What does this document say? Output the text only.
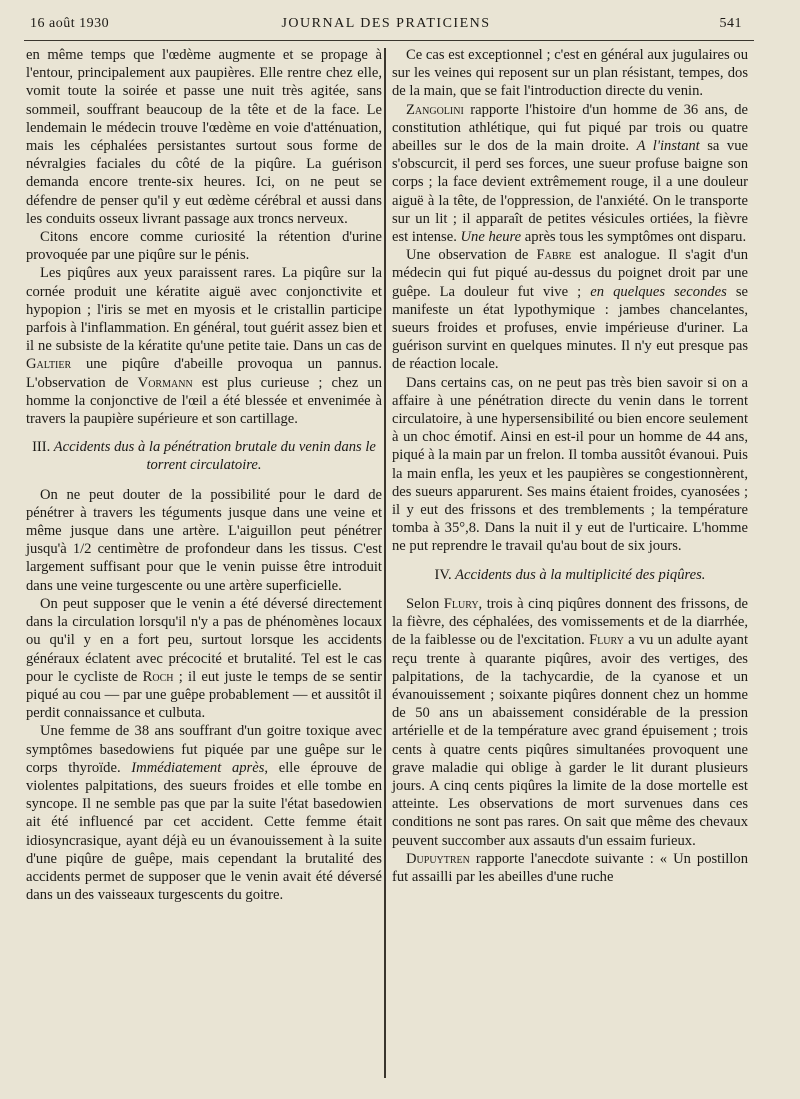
16 août 1930	JOURNAL DES PRATICIENS	541

en même temps que l'œdème augmente et se propage à l'entour, principalement aux paupières. Elle rentre chez elle, vomit toute la soirée et passe une nuit très agitée, sans sommeil, souffrant beaucoup de la tête et de la face. Le lendemain le médecin trouve l'œdème en voie d'atténuation, mais les céphalées persistantes surtout sous forme de névralgies faciales du côté de la piqûre. La guérison demanda encore trente-six heures. Ici, on ne peut se défendre de penser qu'il y eut œdème cérébral et aussi dans les conduits osseux livrant passage aux troncs nerveux.

Citons encore comme curiosité la rétention d'urine provoquée par une piqûre sur le pénis.

Les piqûres aux yeux paraissent rares. La piqûre sur la cornée produit une kératite aiguë avec conjonctivite et hypopion ; l'iris se met en myosis et le cristallin participe parfois à l'inflammation. En général, tout guérit assez bien et il ne subsiste de la kératite qu'une petite taie. Dans un cas de Galtier une piqûre d'abeille provoqua un pannus. L'observation de Vormann est plus curieuse ; chez un homme la conjonctive de l'œil a été blessée et envenimée à travers la paupière supérieure et son cartillage.

III. Accidents dus à la pénétration brutale du venin dans le torrent circulatoire.

On ne peut douter de la possibilité pour le dard de pénétrer à travers les téguments jusque dans une veine et même jusque dans une artère. L'aiguillon peut pénétrer jusqu'à 1/2 centimètre de profondeur dans les tissus. C'est largement suffisant pour que le venin puisse être introduit dans une veine turgescente ou une artère superficielle.

On peut supposer que le venin a été déversé directement dans la circulation lorsqu'il n'y a pas de phénomènes locaux ou qu'il y en a fort peu, surtout lorsque les accidents généraux éclatent avec précocité et brutalité. Tel est le cas pour le cycliste de Roch ; il eut juste le temps de se sentir piqué au cou — par une guêpe probablement — et aussitôt il perdit connaissance et culbuta.

Une femme de 38 ans souffrant d'un goitre toxique avec symptômes basedowiens fut piquée par une guêpe sur le corps thyroïde. Immédiatement après, elle éprouve de violentes palpitations, des sueurs froides et elle tombe en syncope. Il ne semble pas que par la suite l'état basedowien ait été influencé par cet accident. Cette femme était idiosyncrasique, ayant déjà eu un évanouissement à la suite d'une piqûre de guêpe, mais cependant la brutalité des accidents permet de supposer que le venin avait été déversé dans un des vaisseaux turgescents du goitre.

Ce cas est exceptionnel ; c'est en général aux jugulaires ou sur les veines qui reposent sur un plan résistant, tempes, dos de la main, que se fait l'introduction directe du venin.

Zangolini rapporte l'histoire d'un homme de 36 ans, de constitution athlétique, qui fut piqué par trois ou quatre abeilles sur le dos de la main droite. A l'instant sa vue s'obscurcit, il perd ses forces, une sueur profuse baigne son corps ; la face devient extrêmement rouge, il a une douleur aiguë à la tête, de l'oppression, de l'anxiété. On le transporte sur un lit ; il apparaît de petites vésicules ortiées, la fièvre est intense. Une heure après tous les symptômes ont disparu.

Une observation de Fabre est analogue. Il s'agit d'un médecin qui fut piqué au-dessus du poignet droit par une guêpe. La douleur fut vive ; en quelques secondes se manifeste un état lypothymique : jambes chancelantes, sueurs froides et profuses, envie impérieuse d'uriner. La guérison survint en quelques minutes. Il n'y eut presque pas de réaction locale.

Dans certains cas, on ne peut pas très bien savoir si on a affaire à une pénétration directe du venin dans le torrent circulatoire, à une hypersensibilité ou bien encore seulement à un choc émotif. Ainsi en est-il pour un homme de 44 ans, piqué à la main par un frelon. Il tomba aussitôt évanoui. Puis la main enfla, les yeux et les paupières se congestionnèrent, des sueurs apparurent. Ses mains étaient froides, cyanosées ; il y eut des frissons et des tremblements ; la température tomba à 35°,8. Dans la nuit il y eut de l'urticaire. L'homme ne put reprendre le travail qu'au bout de six jours.

IV. Accidents dus à la multiplicité des piqûres.

Selon Flury, trois à cinq piqûres donnent des frissons, de la fièvre, des céphalées, des vomissements et de la diarrhée, de la faiblesse ou de l'excitation. Flury a vu un adulte ayant reçu trente à quarante piqûres, avoir des vertiges, des palpitations, de la tachycardie, de la cyanose et un évanouissement ; soixante piqûres donnent chez un homme de 50 ans un abaissement considérable de la pression artérielle et de la température avec grand épuisement ; trois cents à quatre cents piqûres simultanées provoquent une grave maladie qui oblige à garder le lit durant plusieurs jours. A cinq cents piqûres la limite de la dose mortelle est atteinte. Les observations de mort survenues dans ces conditions ne sont pas rares. On sait que même des chevaux peuvent succomber aux assauts d'un essaim furieux.

Dupuytren rapporte l'anecdote suivante : « Un postillon fut assailli par les abeilles d'une ruche
